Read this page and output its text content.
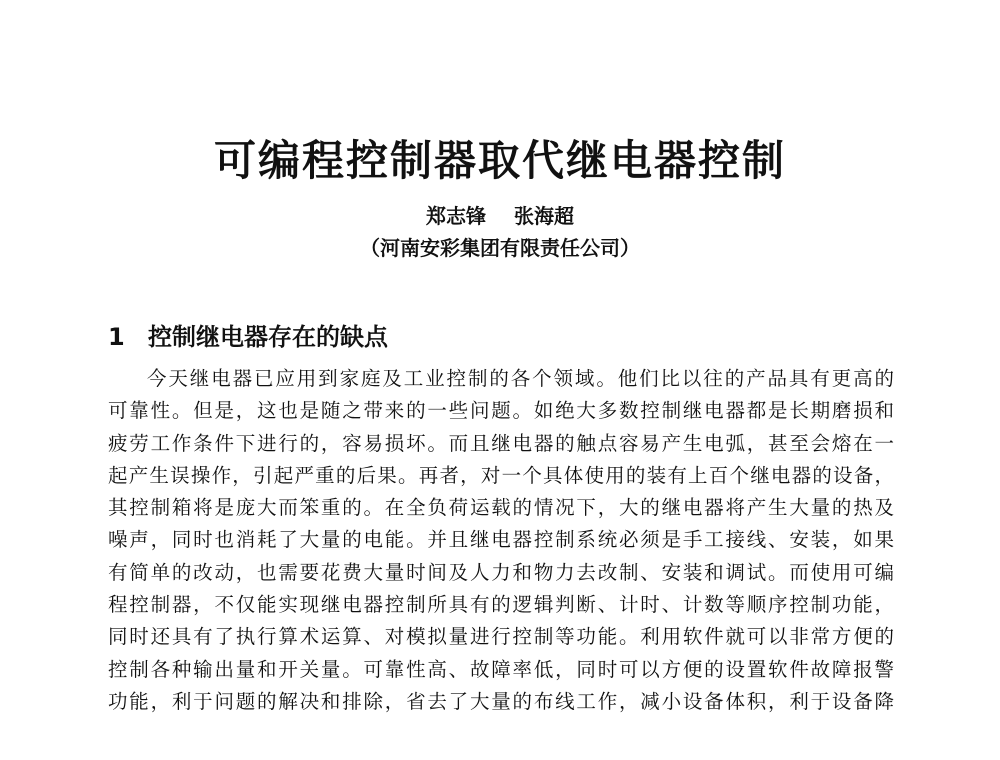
可编程控制器取代继电器控制
郑志锋 张海超
（河南安彩集团有限责任公司）
1 控制继电器存在的缺点
今天继电器已应用到家庭及工业控制的各个领域。他们比以往的产品具有更高的
可靠性。但是，这也是随之带来的一些问题。如绝大多数控制继电器都是长期磨损和
疲劳工作条件下进行的，容易损坏。而且继电器的触点容易产生电弧，甚至会熔在一
起产生误操作，引起严重的后果。再者，对一个具体使用的装有上百个继电器的设备，
其控制箱将是庞大而笨重的。在全负荷运载的情况下，大的继电器将产生大量的热及
噪声，同时也消耗了大量的电能。并且继电器控制系统必须是手工接线、安装，如果
有简单的改动，也需要花费大量时间及人力和物力去改制、安装和调试。而使用可编
程控制器，不仅能实现继电器控制所具有的逻辑判断、计时、计数等顺序控制功能，
同时还具有了执行算术运算、对模拟量进行控制等功能。利用软件就可以非常方便的
控制各种输出量和开关量。可靠性高、故障率低，同时可以方便的设置软件故障报警
功能，利于问题的解决和排除，省去了大量的布线工作，减小设备体积，利于设备降
